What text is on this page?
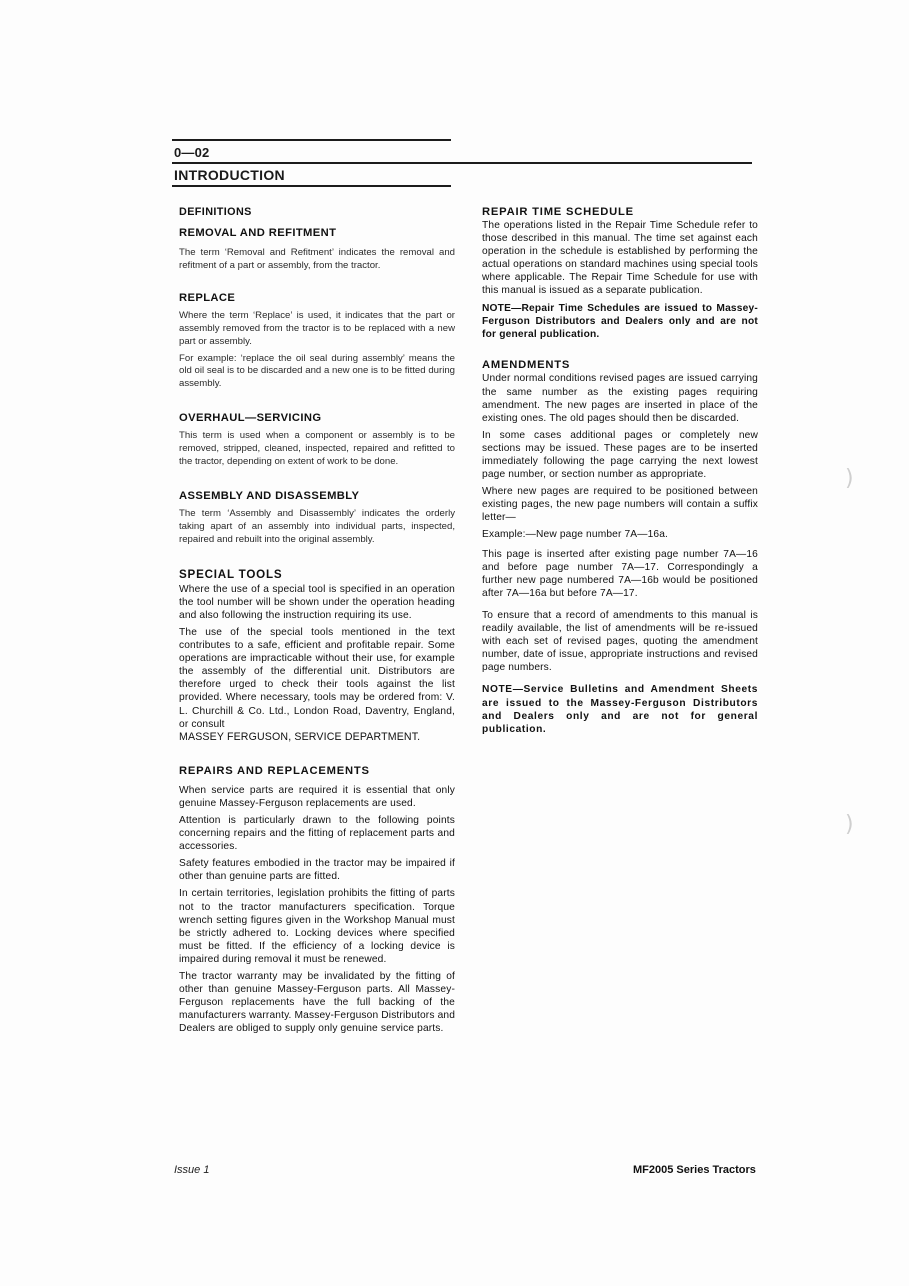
0—02
INTRODUCTION
DEFINITIONS
REMOVAL AND REFITMENT

The term ‘Removal and Refitment’ indicates the removal and refitment of a part or assembly, from the tractor.

REPLACE

Where the term ‘Replace’ is used, it indicates that the part or assembly removed from the tractor is to be replaced with a new part or assembly.

For example: ‘replace the oil seal during assembly’ means the old oil seal is to be discarded and a new one is to be fitted during assembly.

OVERHAUL—SERVICING

This term is used when a component or assembly is to be removed, stripped, cleaned, inspected, repaired and refitted to the tractor, depending on extent of work to be done.

ASSEMBLY AND DISASSEMBLY

The term ‘Assembly and Disassembly’ indicates the orderly taking apart of an assembly into individual parts, inspected, repaired and rebuilt into the original assembly.

SPECIAL TOOLS

Where the use of a special tool is specified in an operation the tool number will be shown under the operation heading and also following the instruction requiring its use.

The use of the special tools mentioned in the text contributes to a safe, efficient and profitable repair. Some operations are impracticable without their use, for example the assembly of the differential unit. Distributors are therefore urged to check their tools against the list provided. Where necessary, tools may be ordered from: V. L. Churchill & Co. Ltd., London Road, Daventry, England, or consult

MASSEY FERGUSON, SERVICE DEPARTMENT.

REPAIRS AND REPLACEMENTS

When service parts are required it is essential that only genuine Massey-Ferguson replacements are used.

Attention is particularly drawn to the following points concerning repairs and the fitting of replacement parts and accessories.

Safety features embodied in the tractor may be impaired if other than genuine parts are fitted.

In certain territories, legislation prohibits the fitting of parts not to the tractor manufacturers specification. Torque wrench setting figures given in the Workshop Manual must be strictly adhered to. Locking devices where specified must be fitted. If the efficiency of a locking device is impaired during removal it must be renewed.

The tractor warranty may be invalidated by the fitting of other than genuine Massey-Ferguson parts. All Massey-Ferguson replacements have the full backing of the manufacturers warranty. Massey-Ferguson Distributors and Dealers are obliged to supply only genuine service parts.

REPAIR TIME SCHEDULE

The operations listed in the Repair Time Schedule refer to those described in this manual. The time set against each operation in the schedule is established by performing the actual operations on standard machines using special tools where applicable. The Repair Time Schedule for use with this manual is issued as a separate publication.

NOTE—Repair Time Schedules are issued to Massey-Ferguson Distributors and Dealers only and are not for general publication.

AMENDMENTS

Under normal conditions revised pages are issued carrying the same number as the existing pages requiring amendment. The new pages are inserted in place of the existing ones. The old pages should then be discarded.

In some cases additional pages or completely new sections may be issued. These pages are to be inserted immediately following the page carrying the next lowest page number, or section number as appropriate.

Where new pages are required to be positioned between existing pages, the new page numbers will contain a suffix letter—

Example:—New page number 7A—16a.

This page is inserted after existing page number 7A—16 and before page number 7A—17. Correspondingly a further new page numbered 7A—16b would be positioned after 7A—16a but before 7A—17.

To ensure that a record of amendments to this manual is readily available, the list of amendments will be re-issued with each set of revised pages, quoting the amendment number, date of issue, appropriate instructions and revised page numbers.

NOTE—Service Bulletins and Amendment Sheets are issued to the Massey-Ferguson Distributors and Dealers only and are not for general publication.

Issue 1	MF2005 Series Tractors
)
)
